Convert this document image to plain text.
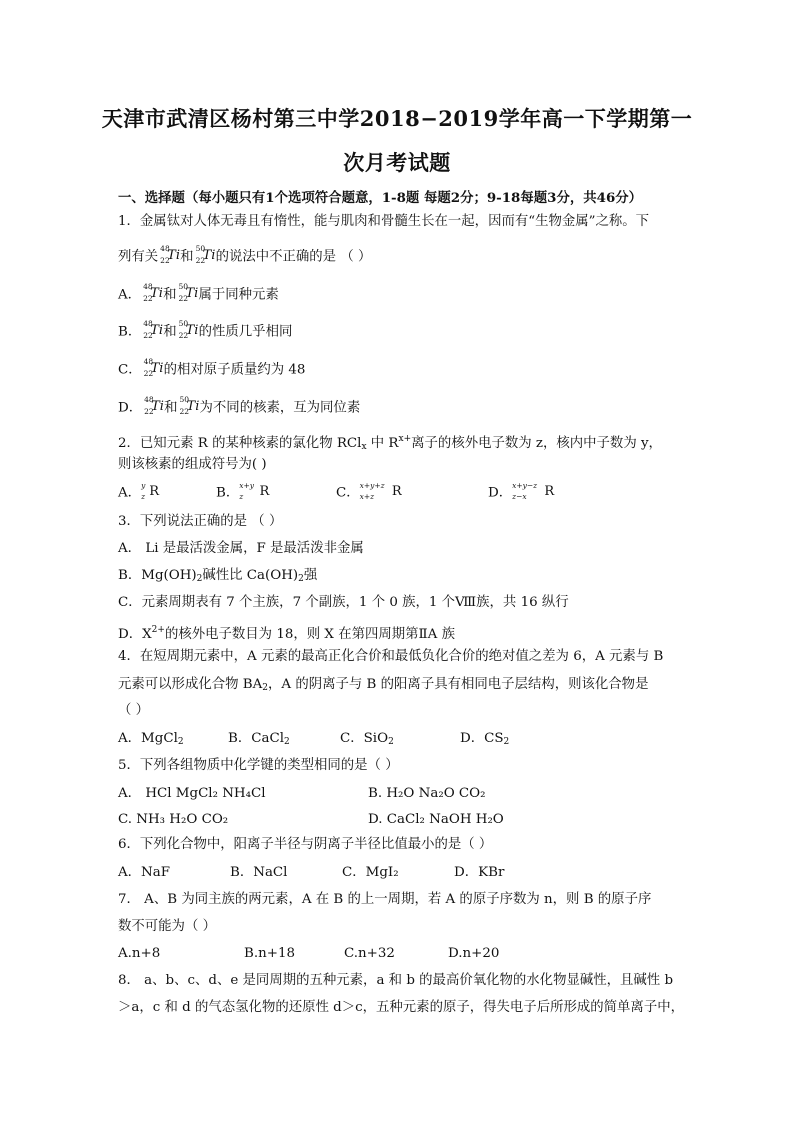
天津市武清区杨村第三中学2018−2019学年高一下学期第一
次月考试题
一、选择题（每小题只有1个选项符合题意，1-8题 每题2分；9-18每题3分，共46分）
1．金属钛对人体无毒且有惰性，能与肌肉和骨髓生长在一起，因而有“生物金属”之称。下
列有关
48
22
Ti 和
50
22
Ti 的说法中不正确的是 （ ）
A．
48
22
Ti 和
50
22
Ti 属于同种元素
B．
48
22
Ti 和
50
22
Ti 的性质几乎相同
C．
48
22
Ti 的相对原子质量约为 48
D．
48
22
Ti 和
50
22
Ti 为不同的核素，互为同位素
2．已知元素 R 的某种核素的氯化物 RCl$_x$ 中 $R^{x+}$离子的核外电子数为 z，核内中子数为 y，
则该核素的组成符号为( )
A． y
z R	B． x+y
z R	C． x+y+z
x+z R	D． x+y−z
z−x R
3．下列说法正确的是 （ ）
A． Li 是最活泼金属，F 是最活泼非金属
B．$Mg(OH)_2$碱性比 $Ca(OH)_2$强
C．元素周期表有 7 个主族，7 个副族，1 个 0 族，1 个Ⅷ族，共 16 纵行
D．$X^{2+}$的核外电子数目为 18，则 X 在第四周期第ⅡA 族
4．在短周期元素中，A 元素的最高正化合价和最低负化合价的绝对值之差为 6，A 元素与 B
元素可以形成化合物 $BA_2$，A 的阴离子与 B 的阳离子具有相同电子层结构，则该化合物是
（ ）
A．MgCl$_2$	B．CaCl$_2$	C．SiO$_2$	D．$CS_2$
5．下列各组物质中化学键的类型相同的是（ ）
A． HCl MgCl₂ NH₄Cl	B. H₂O Na₂O CO₂
C. NH₃ H₂O CO₂	D. CaCl₂ NaOH H₂O
6．下列化合物中，阳离子半径与阴离子半径比值最小的是（ ）
A．NaF	B．NaCl	C．MgI₂	D．KBr
7． A、B 为同主族的两元素，A 在 B 的上一周期，若 A 的原子序数为 n，则 B 的原子序
数不可能为（ ）
A.n+8	B.n+18	C.n+32	D.n+20
8． a、b、c、d、e 是同周期的五种元素，a 和 b 的最高价氧化物的水化物显碱性，且碱性 b
＞a，c 和 d 的气态氢化物的还原性 d＞c，五种元素的原子，得失电子后所形成的简单离子中，
